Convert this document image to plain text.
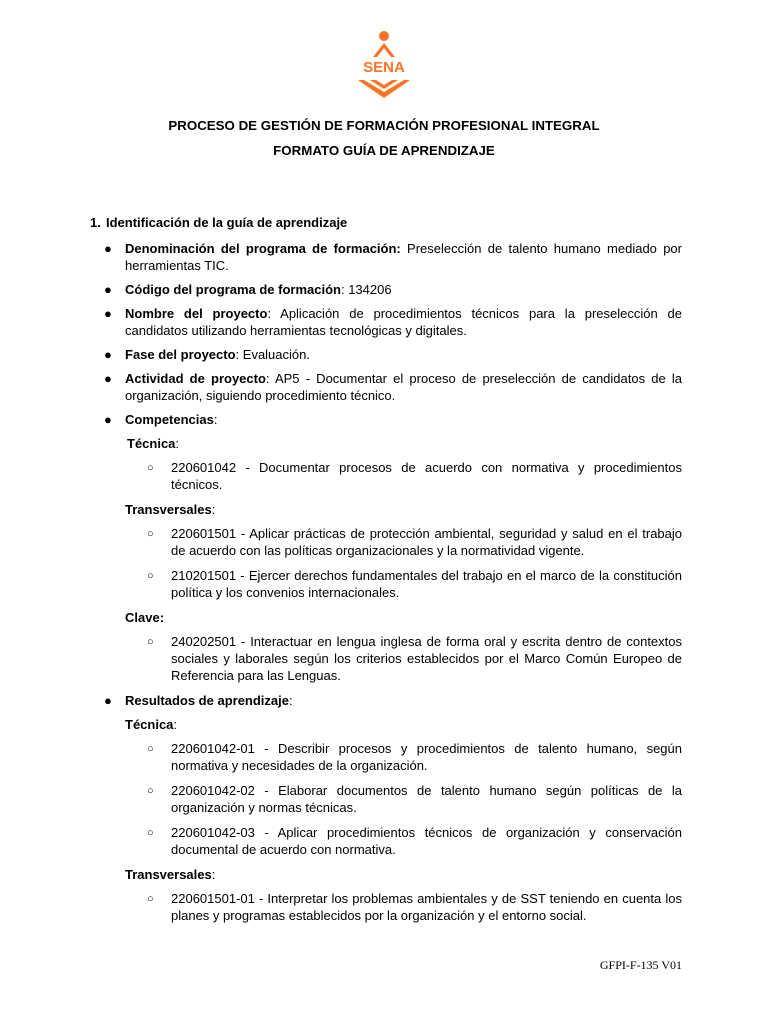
SENA
PROCESO DE GESTIÓN DE FORMACIÓN PROFESIONAL INTEGRAL
FORMATO GUÍA DE APRENDIZAJE
1. Identificación de la guía de aprendizaje
● Denominación del programa de formación: Preselección de talento humano mediado por herramientas TIC.
● Código del programa de formación: 134206
● Nombre del proyecto: Aplicación de procedimientos técnicos para la preselección de candidatos utilizando herramientas tecnológicas y digitales.
● Fase del proyecto: Evaluación.
● Actividad de proyecto: AP5 - Documentar el proceso de preselección de candidatos de la organización, siguiendo procedimiento técnico.
● Competencias:
Técnica:
○ 220601042 - Documentar procesos de acuerdo con normativa y procedimientos técnicos.
Transversales:
○ 220601501 - Aplicar prácticas de protección ambiental, seguridad y salud en el trabajo de acuerdo con las políticas organizacionales y la normatividad vigente.
○ 210201501 - Ejercer derechos fundamentales del trabajo en el marco de la constitución política y los convenios internacionales.
Clave:
○ 240202501 - Interactuar en lengua inglesa de forma oral y escrita dentro de contextos sociales y laborales según los criterios establecidos por el Marco Común Europeo de Referencia para las Lenguas.
● Resultados de aprendizaje:
Técnica:
○ 220601042-01 - Describir procesos y procedimientos de talento humano, según normativa y necesidades de la organización.
○ 220601042-02 - Elaborar documentos de talento humano según políticas de la organización y normas técnicas.
○ 220601042-03 - Aplicar procedimientos técnicos de organización y conservación documental de acuerdo con normativa.
Transversales:
○ 220601501-01 - Interpretar los problemas ambientales y de SST teniendo en cuenta los planes y programas establecidos por la organización y el entorno social.
GFPI-F-135 V01
